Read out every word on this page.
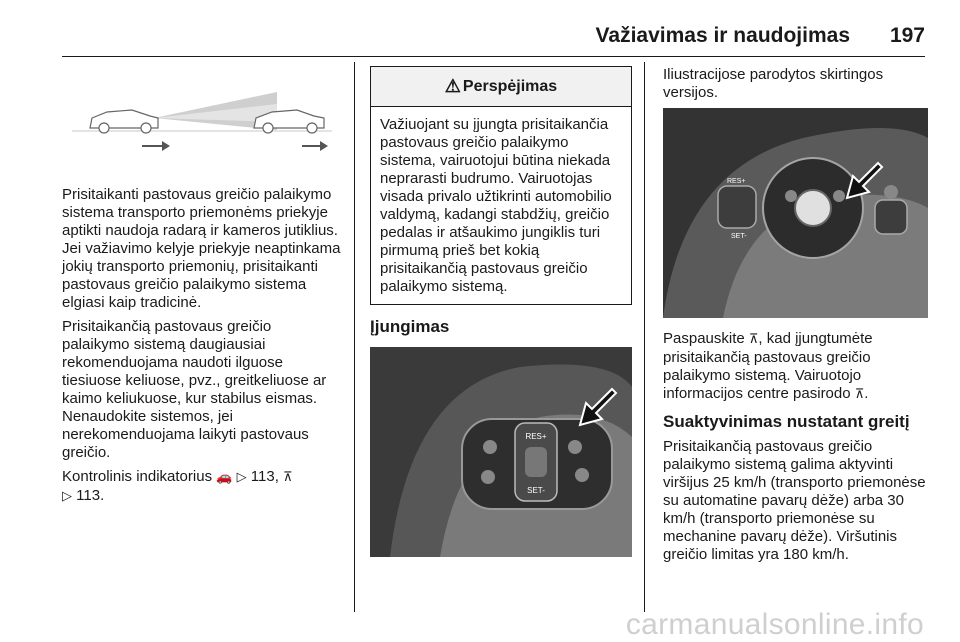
Važiavimas ir naudojimas 197

Prisitaikanti pastovaus greičio palaikymo sistema transporto priemonėms priekyje aptikti naudoja radarą ir kameros jutiklius. Jei važiavimo kelyje priekyje neaptinkama jokių transporto priemonių, prisitaikanti pastovaus greičio palaikymo sistema elgiasi kaip tradicinė.

Prisitaikančią pastovaus greičio palaikymo sistemą daugiausiai rekomenduojama naudoti ilguose tiesiuose keliuose, pvz., greitkeliuose ar kaimo keliukuose, kur stabilus eismas. Nenaudokite sistemos, jei nerekomenduojama laikyti pastovaus greičio.

Kontrolinis indikatorius 🚗 ▷ 113, ⊼
▷ 113.

⚠ Perspėjimas
Važiuojant su įjungta prisitaikančia pastovaus greičio palaikymo sistema, vairuotojui būtina niekada neprarasti budrumo. Vairuotojas visada privalo užtikrinti automobilio valdymą, kadangi stabdžių, greičio pedalas ir atšaukimo jungiklis turi pirmumą prieš bet kokią prisitaikančią pastovaus greičio palaikymo sistemą.
Įjungimas
RES+
SET-

Iliustracijose parodytos skirtingos versijos.

RES+
SET-

Paspauskite ⊼, kad įjungtumėte prisitaikančią pastovaus greičio palaikymo sistemą. Vairuotojo informacijos centre pasirodo ⊼.

Suaktyvinimas nustatant greitį

Prisitaikančią pastovaus greičio palaikymo sistemą galima aktyvinti viršijus 25 km/h (transporto priemonėse su automatine pavarų dėže) arba 30 km/h (transporto priemonėse su mechanine pavarų dėže). Viršutinis greičio limitas yra 180 km/h.

carmanualsonline.info
